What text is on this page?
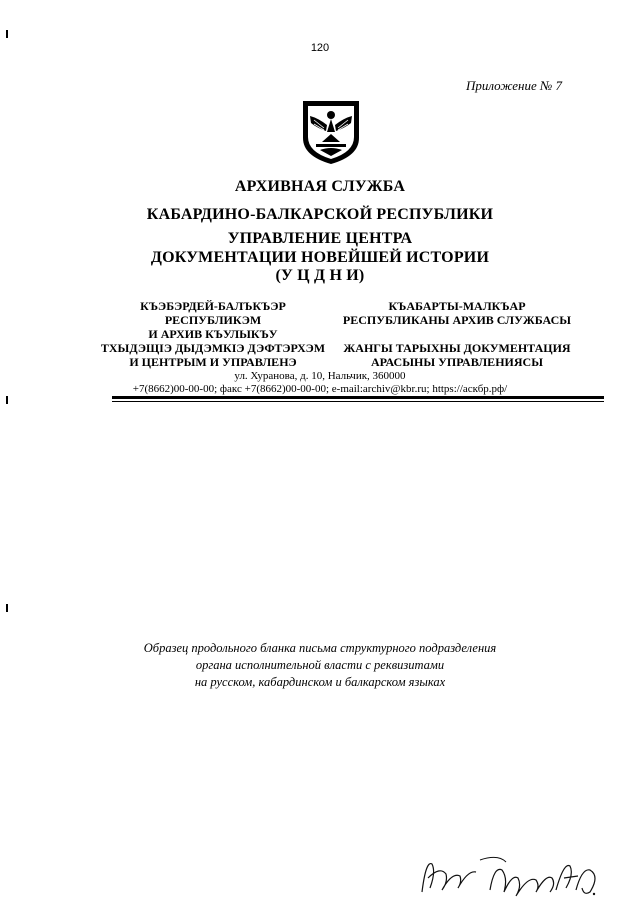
120
Приложение № 7
АРХИВНАЯ СЛУЖБА
КАБАРДИНО-БАЛКАРСКОЙ РЕСПУБЛИКИ
УПРАВЛЕНИЕ ЦЕНТРА
ДОКУМЕНТАЦИИ НОВЕЙШЕЙ ИСТОРИИ
(У Ц Д Н И)
КЪЭБЭРДЕЙ-БАЛЪКЪЭР
РЕСПУБЛИКЭМ
И АРХИВ КЪУЛЫКЪУ
ТХЫДЭЩIЭ ДЫДЭМКIЭ ДЭФТЭРХЭМ
И ЦЕНТРЫМ И УПРАВЛЕНЭ
КЪАБАРТЫ-МАЛКЪАР
РЕСПУБЛИКАНЫ АРХИВ СЛУЖБАСЫ
ЖАНГЫ ТАРЫХНЫ ДОКУМЕНТАЦИЯ
АРАСЫНЫ УПРАВЛЕНИЯСЫ
ул. Хуранова, д. 10, Нальчик, 360000
+7(8662)00-00-00; факс +7(8662)00-00-00; e-mail:archiv@kbr.ru; https://аскбр.рф/
Образец продольного бланка письма структурного подразделения
органа исполнительной власти с реквизитами
на русском, кабардинском и балкарском языках
